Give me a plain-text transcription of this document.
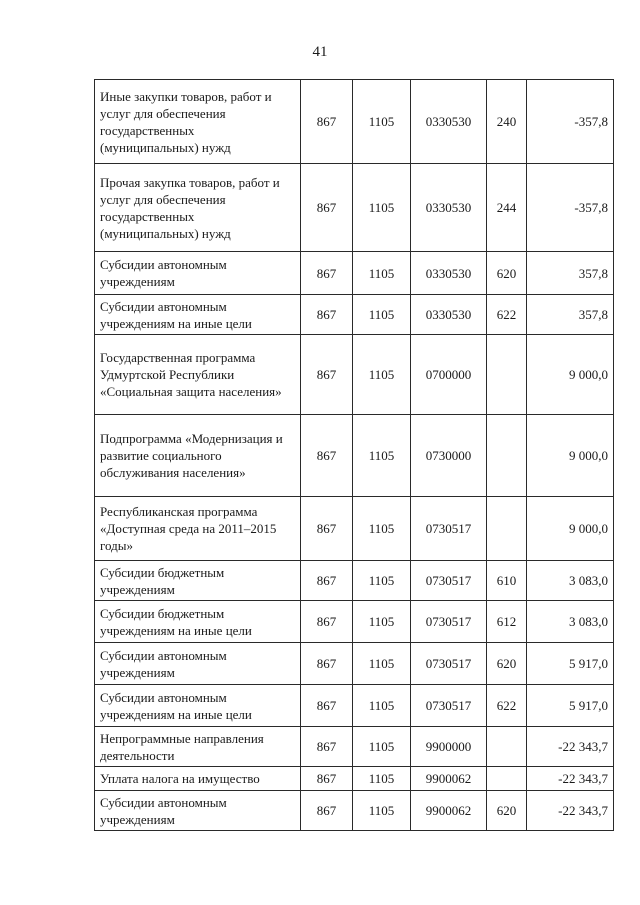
41
Иные закупки товаров, работ и услуг для обеспечения государственных (муниципальных) нужд	867	1105	0330530	240	-357,8
Прочая закупка товаров, работ и услуг для обеспечения государственных (муниципальных) нужд	867	1105	0330530	244	-357,8
Субсидии автономным учреждениям	867	1105	0330530	620	357,8
Субсидии автономным учреждениям на иные цели	867	1105	0330530	622	357,8
Государственная программа Удмуртской Республики «Социальная защита населения»	867	1105	0700000		9 000,0
Подпрограмма «Модернизация и развитие социального обслуживания населения»	867	1105	0730000		9 000,0
Республиканская программа «Доступная среда на 2011–2015 годы»	867	1105	0730517		9 000,0
Субсидии бюджетным учреждениям	867	1105	0730517	610	3 083,0
Субсидии бюджетным учреждениям на иные цели	867	1105	0730517	612	3 083,0
Субсидии автономным учреждениям	867	1105	0730517	620	5 917,0
Субсидии автономным учреждениям на иные цели	867	1105	0730517	622	5 917,0
Непрограммные направления деятельности	867	1105	9900000		-22 343,7
Уплата налога на имущество	867	1105	9900062		-22 343,7
Субсидии автономным учреждениям	867	1105	9900062	620	-22 343,7
